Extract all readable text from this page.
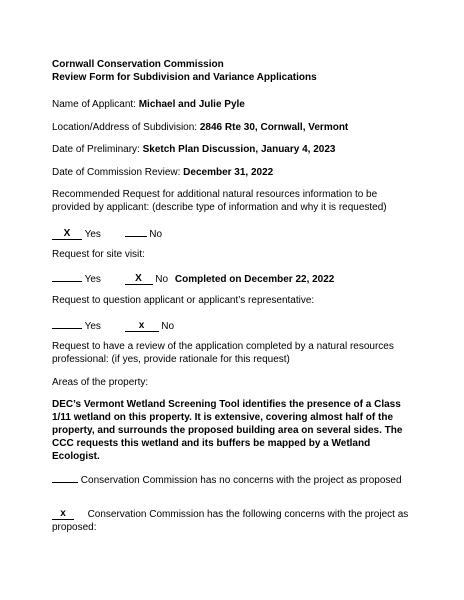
Cornwall Conservation Commission
Review Form for Subdivision and Variance Applications
Name of Applicant: Michael and Julie Pyle
Location/Address of Subdivision: 2846 Rte 30, Cornwall, Vermont
Date of Preliminary: Sketch Plan Discussion, January 4, 2023
Date of Commission Review: December 31, 2022
Recommended Request for additional natural resources information to be provided by applicant: (describe type of information and why it is requested)
X Yes	No
Request for site visit:
Yes	X No Completed on December 22, 2022
Request to question applicant or applicant’s representative:
Yes	x No
Request to have a review of the application completed by a natural resources professional: (if yes, provide rationale for this request)
Areas of the property:
DEC’s Vermont Wetland Screening Tool identifies the presence of a Class 1/11 wetland on this property. It is extensive, covering almost half of the property, and surrounds the proposed building area on several sides. The CCC requests this wetland and its buffers be mapped by a Wetland Ecologist.
Conservation Commission has no concerns with the project as proposed
x Conservation Commission has the following concerns with the project as proposed:
